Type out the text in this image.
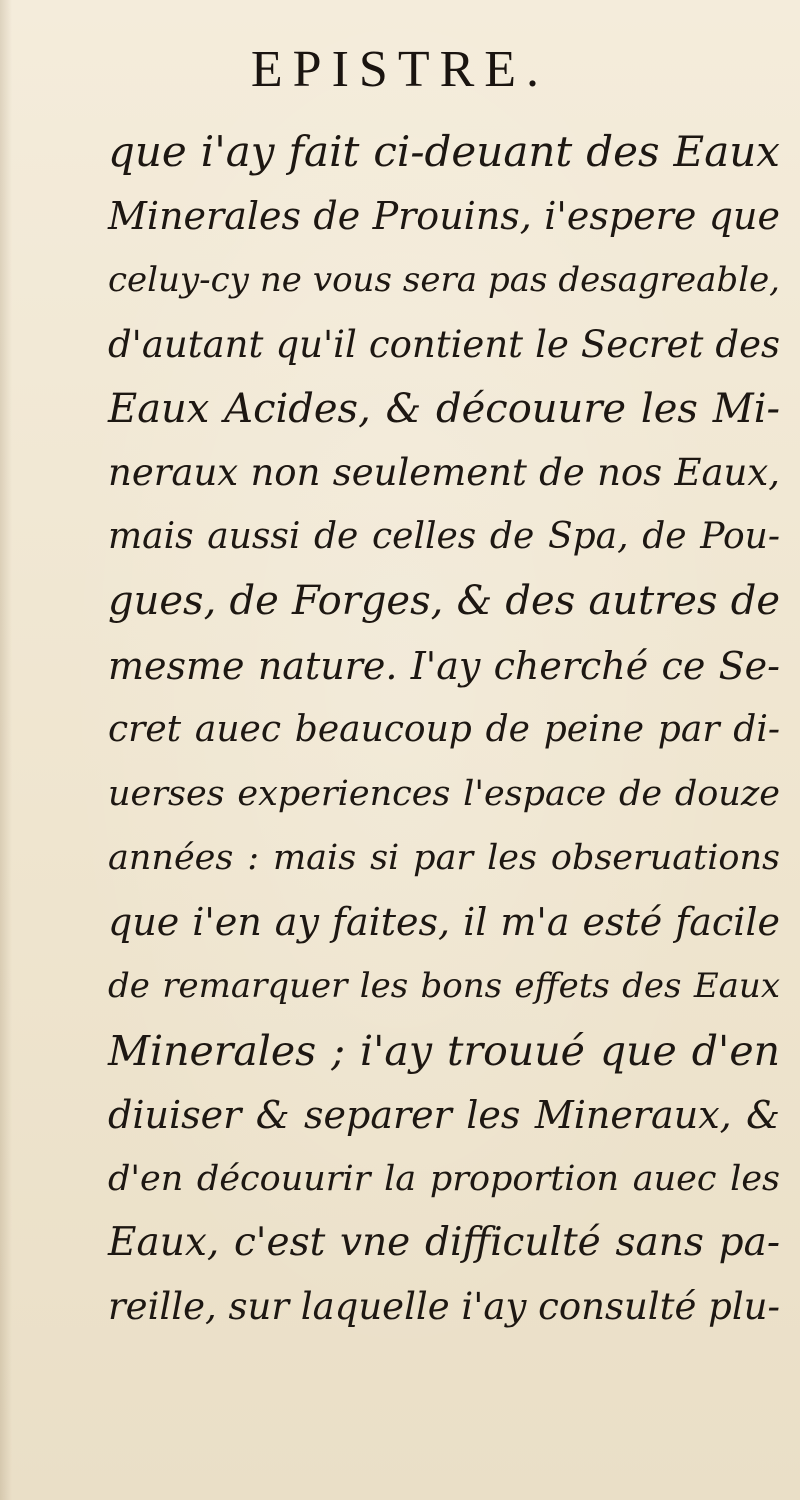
EPISTRE.
que i'ay fait ci-deuant des Eaux
Minerales de Prouins, i'espere que
celuy-cy ne vous sera pas desagreable,
d'autant qu'il contient le Secret des
Eaux Acides, & découure les Mi-
neraux non seulement de nos Eaux,
mais aussi de celles de Spa, de Pou-
gues, de Forges, & des autres de
mesme nature. I'ay cherché ce Se-
cret auec beaucoup de peine par di-
uerses experiences l'espace de douze
années : mais si par les obseruations
que i'en ay faites, il m'a esté facile
de remarquer les bons effets des Eaux
Minerales ; i'ay trouué que d'en
diuiser & separer les Mineraux, &
d'en découurir la proportion auec les
Eaux, c'est vne difficulté sans pa-
reille, sur laquelle i'ay consulté plu-
